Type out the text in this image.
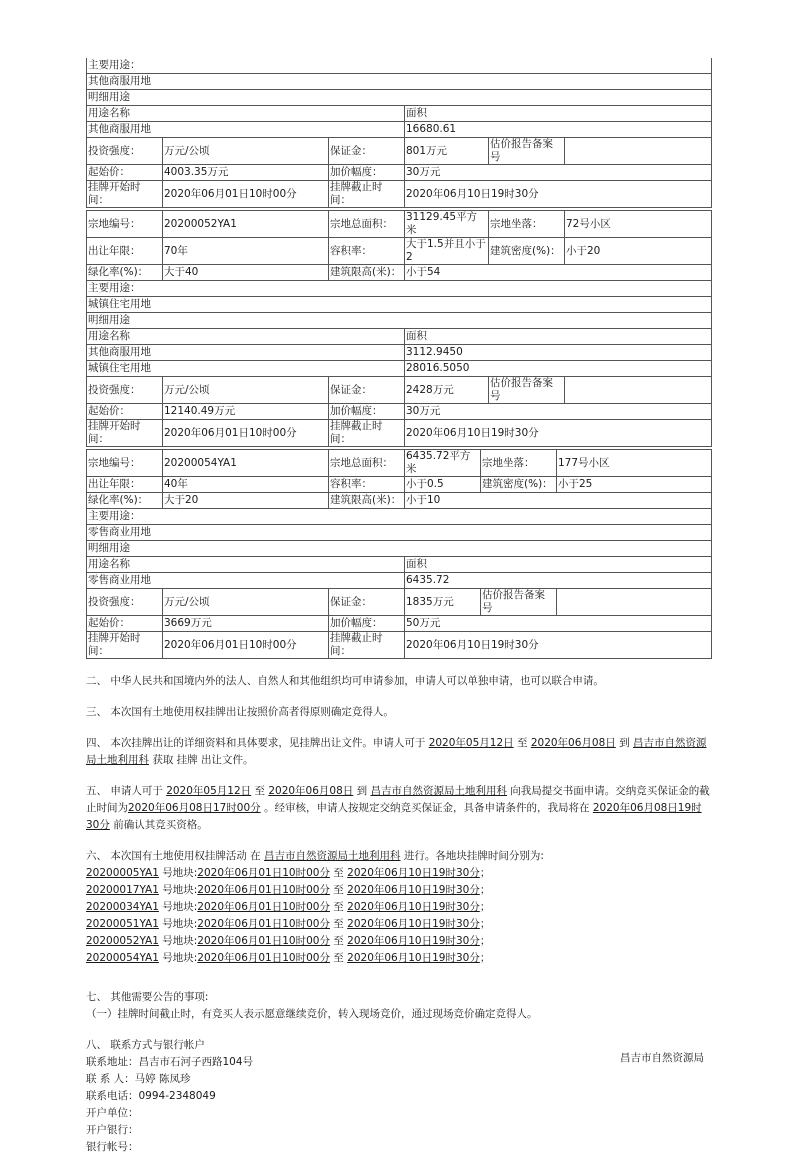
主要用途：					
其他商服用地					
明细用途					
用途名称			面积		
其他商服用地			16680.61		
投资强度：	万元/公顷	保证金：	801万元	估价报告备案号	
起始价：	4003.35万元	加价幅度：	30万元		
挂牌开始时间：	2020年06月01日10时00分	挂牌截止时间：	2020年06月10日19时30分		
宗地编号：	20200052YA1	宗地总面积：	31129.45平方米	宗地坐落：	72号小区
出让年限：	70年	容积率：	大于1.5并且小于2	建筑密度(%)：	小于20
绿化率(%)：	大于40	建筑限高(米)：	小于54		
主要用途：					
城镇住宅用地					
明细用途					
用途名称			面积		
其他商服用地			3112.9450		
城镇住宅用地			28016.5050		
投资强度：	万元/公顷	保证金：	2428万元	估价报告备案号	
起始价：	12140.49万元	加价幅度：	30万元		
挂牌开始时间：	2020年06月01日10时00分	挂牌截止时间：	2020年06月10日19时30分		
宗地编号：	20200054YA1	宗地总面积：	6435.72平方米	宗地坐落：	177号小区
出让年限：	40年	容积率：	小于0.5	建筑密度(%)：	小于25
绿化率(%)：	大于20	建筑限高(米)：	小于10		
主要用途：					
零售商业用地					
明细用途					
用途名称			面积		
零售商业用地			6435.72		
投资强度：	万元/公顷	保证金：	1835万元	估价报告备案号	
起始价：	3669万元	加价幅度：	50万元		
挂牌开始时间：	2020年06月01日10时00分	挂牌截止时间：	2020年06月10日19时30分		

二、 中华人民共和国境内外的法人、自然人和其他组织均可申请参加，申请人可以单独申请，也可以联合申请。

三、 本次国有土地使用权挂牌出让按照价高者得原则确定竞得人。

四、 本次挂牌出让的详细资料和具体要求，见挂牌出让文件。申请人可于 2020年05月12日 至 2020年06月08日 到 昌吉市自然资源局土地利用科 获取 挂牌 出让文件。

五、 申请人可于 2020年05月12日 至 2020年06月08日 到 昌吉市自然资源局土地利用科 向我局提交书面申请。交纳竞买保证金的截止时间为2020年06月08日17时00分 。经审核，申请人按规定交纳竞买保证金，具备申请条件的，我局将在 2020年06月08日19时30分 前确认其竞买资格。

六、 本次国有土地使用权挂牌活动 在 昌吉市自然资源局土地利用科 进行。各地块挂牌时间分别为:
20200005YA1 号地块:2020年06月01日10时00分 至 2020年06月10日19时30分；
20200017YA1 号地块:2020年06月01日10时00分 至 2020年06月10日19时30分；
20200034YA1 号地块:2020年06月01日10时00分 至 2020年06月10日19时30分；
20200051YA1 号地块:2020年06月01日10时00分 至 2020年06月10日19时30分；
20200052YA1 号地块:2020年06月01日10时00分 至 2020年06月10日19时30分；
20200054YA1 号地块:2020年06月01日10时00分 至 2020年06月10日19时30分；
七、 其他需要公告的事项:
（一）挂牌时间截止时，有竞买人表示愿意继续竞价，转入现场竞价，通过现场竞价确定竞得人。
八、 联系方式与银行帐户
联系地址：昌吉市石河子西路104号
联 系 人：马婷 陈凤珍
联系电话：0994-2348049
开户单位：
开户银行：
银行帐号：
昌吉市自然资源局
